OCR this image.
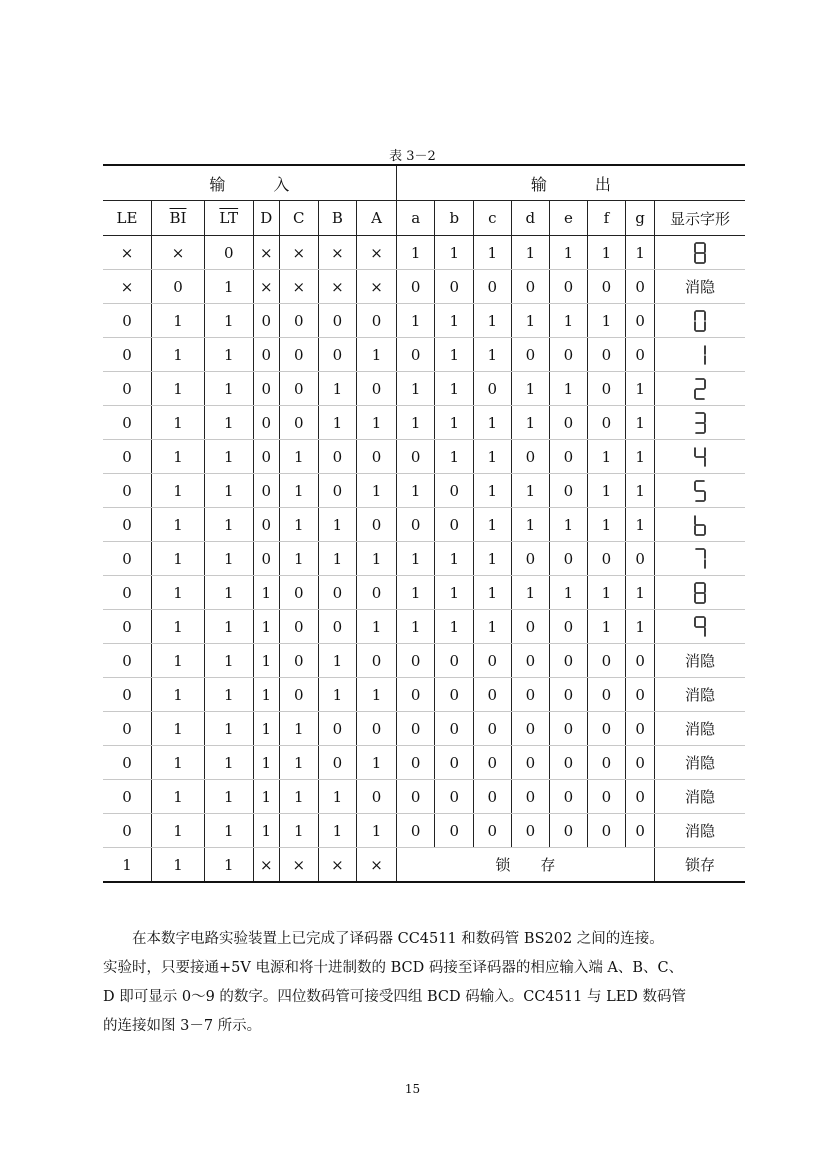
表 3－2
输　　　入							输　　　出							
LE	$\overline{BI}$	$\overline{LT}$	D	C	B	A	a	b	c	d	e	f	g	显示字形
×	×	0	×	×	×	×	1	1	1	1	1	1	1	
×	0	1	×	×	×	×	0	0	0	0	0	0	0	消隐
0	1	1	0	0	0	0	1	1	1	1	1	1	0	
0	1	1	0	0	0	1	0	1	1	0	0	0	0	
0	1	1	0	0	1	0	1	1	0	1	1	0	1	
0	1	1	0	0	1	1	1	1	1	1	0	0	1	
0	1	1	0	1	0	0	0	1	1	0	0	1	1	
0	1	1	0	1	0	1	1	0	1	1	0	1	1	
0	1	1	0	1	1	0	0	0	1	1	1	1	1	
0	1	1	0	1	1	1	1	1	1	0	0	0	0	
0	1	1	1	0	0	0	1	1	1	1	1	1	1	
0	1	1	1	0	0	1	1	1	1	0	0	1	1	
0	1	1	1	0	1	0	0	0	0	0	0	0	0	消隐
0	1	1	1	0	1	1	0	0	0	0	0	0	0	消隐
0	1	1	1	1	0	0	0	0	0	0	0	0	0	消隐
0	1	1	1	1	0	1	0	0	0	0	0	0	0	消隐
0	1	1	1	1	1	0	0	0	0	0	0	0	0	消隐
0	1	1	1	1	1	1	0	0	0	0	0	0	0	消隐
1	1	1	×	×	×	×	锁　　存							锁存
　　在本数字电路实验装置上已完成了译码器 CC4511 和数码管 BS202 之间的连接。
实验时，只要接通+5V 电源和将十进制数的 BCD 码接至译码器的相应输入端 A、B、C、
D 即可显示 0～9 的数字。四位数码管可接受四组 BCD 码输入。CC4511 与 LED 数码管
的连接如图 3－7 所示。
15
